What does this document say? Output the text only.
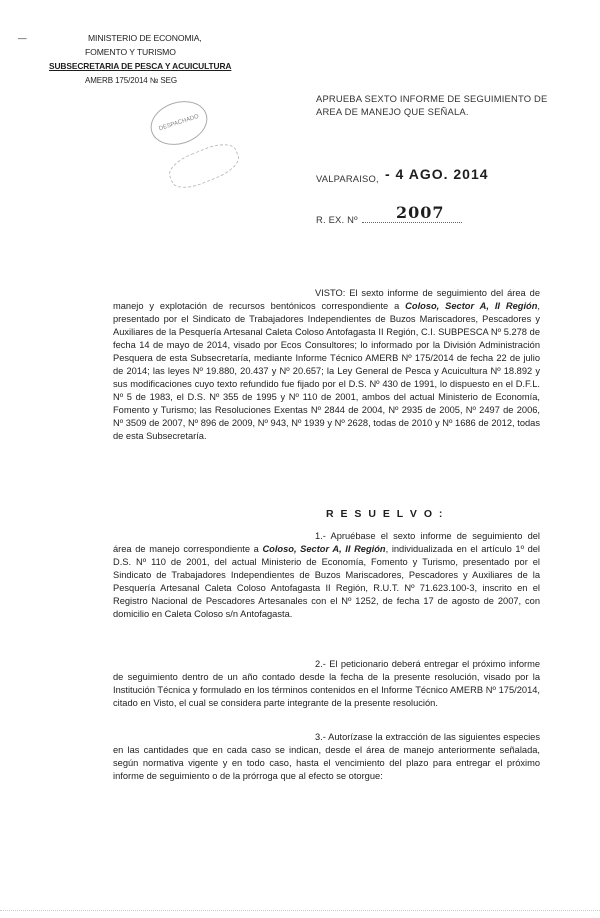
—	MINISTERIO DE ECONOMIA,
FOMENTO Y TURISMO
SUBSECRETARIA DE PESCA Y ACUICULTURA
AMERB 175/2014 № SEG
DESPACHADO
APRUEBA SEXTO INFORME DE SEGUIMIENTO DE
AREA DE MANEJO QUE SEÑALA.
VALPARAISO, - 4 AGO. 2014
R. EX. Nº 2007
VISTO: El sexto informe de seguimiento del área de manejo y explotación de recursos bentónicos correspondiente a Coloso, Sector A, II Región, presentado por el Sindicato de Trabajadores Independientes de Buzos Mariscadores, Pescadores y Auxiliares de la Pesquería Artesanal Caleta Coloso Antofagasta II Región, C.I. SUBPESCA Nº 5.278 de fecha 14 de mayo de 2014, visado por Ecos Consultores; lo informado por la División Administración Pesquera de esta Subsecretaría, mediante Informe Técnico AMERB Nº 175/2014 de fecha 22 de julio de 2014; las leyes Nº 19.880, 20.437 y Nº 20.657; la Ley General de Pesca y Acuicultura Nº 18.892 y sus modificaciones cuyo texto refundido fue fijado por el D.S. Nº 430 de 1991, lo dispuesto en el D.F.L. Nº 5 de 1983, el D.S. Nº 355 de 1995 y Nº 110 de 2001, ambos del actual Ministerio de Economía, Fomento y Turismo; las Resoluciones Exentas Nº 2844 de 2004, Nº 2935 de 2005, Nº 2497 de 2006, Nº 3509 de 2007, Nº 896 de 2009, Nº 943, Nº 1939 y Nº 2628, todas de 2010 y Nº 1686 de 2012, todas de esta Subsecretaría.
R E S U E L V O :
1.- Apruébase el sexto informe de seguimiento del área de manejo correspondiente a Coloso, Sector A, II Región, individualizada en el artículo 1º del D.S. Nº 110 de 2001, del actual Ministerio de Economía, Fomento y Turismo, presentado por el Sindicato de Trabajadores Independientes de Buzos Mariscadores, Pescadores y Auxiliares de la Pesquería Artesanal Caleta Coloso Antofagasta II Región, R.U.T. Nº 71.623.100-3, inscrito en el Registro Nacional de Pescadores Artesanales con el Nº 1252, de fecha 17 de agosto de 2007, con domicilio en Caleta Coloso s/n Antofagasta.
2.- El peticionario deberá entregar el próximo informe de seguimiento dentro de un año contado desde la fecha de la presente resolución, visado por la Institución Técnica y formulado en los términos contenidos en el Informe Técnico AMERB Nº 175/2014, citado en Visto, el cual se considera parte integrante de la presente resolución.
3.- Autorízase la extracción de las siguientes especies en las cantidades que en cada caso se indican, desde el área de manejo anteriormente señalada, según normativa vigente y en todo caso, hasta el vencimiento del plazo para entregar el próximo informe de seguimiento o de la prórroga que al efecto se otorgue:
